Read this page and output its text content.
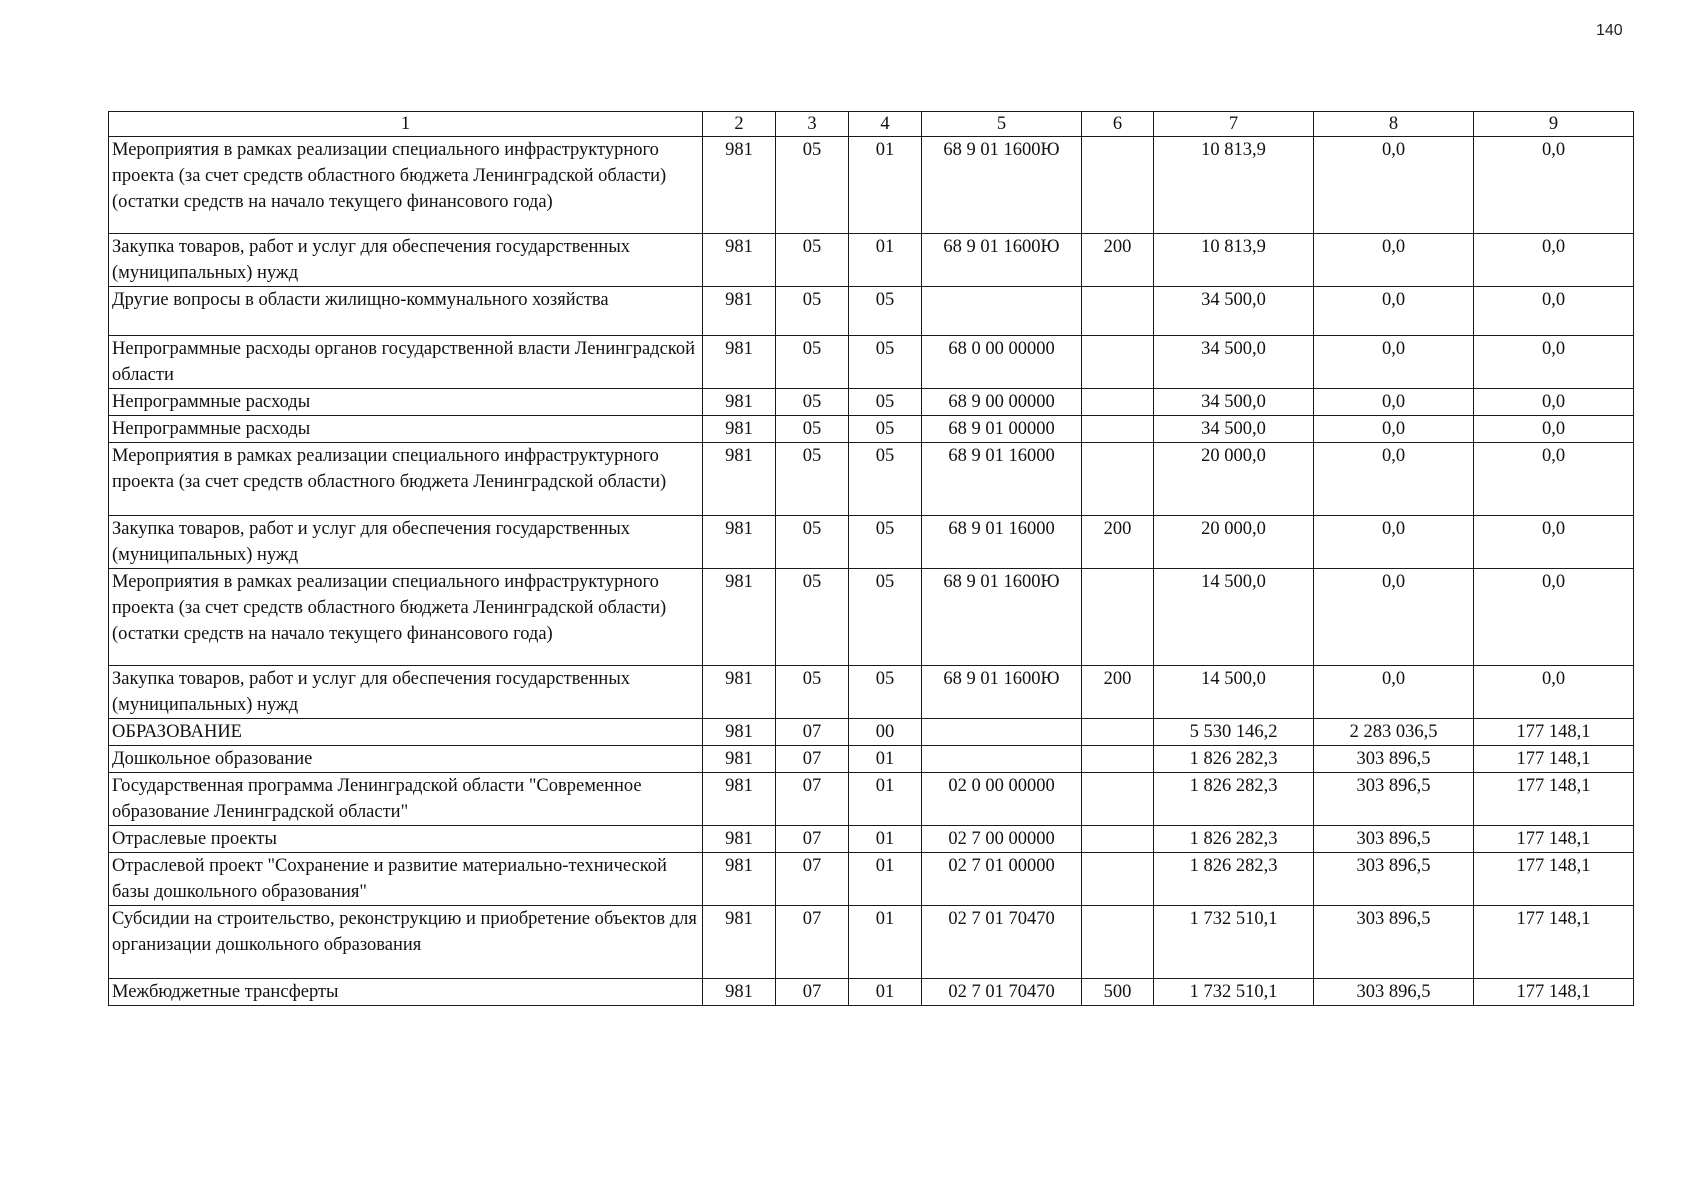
140
1	2	3	4	5	6	7	8	9
Мероприятия в рамках реализации специального инфраструктурного проекта (за счет средств областного бюджета Ленинградской области) (остатки средств на начало текущего финансового года)	981	05	01	68 9 01 1600Ю		10 813,9	0,0	0,0
Закупка товаров, работ и услуг для обеспечения государственных (муниципальных) нужд	981	05	01	68 9 01 1600Ю	200	10 813,9	0,0	0,0
Другие вопросы в области жилищно-коммунального хозяйства	981	05	05			34 500,0	0,0	0,0
Непрограммные расходы органов государственной власти Ленинградской области	981	05	05	68 0 00 00000		34 500,0	0,0	0,0
Непрограммные расходы	981	05	05	68 9 00 00000		34 500,0	0,0	0,0
Непрограммные расходы	981	05	05	68 9 01 00000		34 500,0	0,0	0,0
Мероприятия в рамках реализации специального инфраструктурного проекта (за счет средств областного бюджета Ленинградской области)	981	05	05	68 9 01 16000		20 000,0	0,0	0,0
Закупка товаров, работ и услуг для обеспечения государственных (муниципальных) нужд	981	05	05	68 9 01 16000	200	20 000,0	0,0	0,0
Мероприятия в рамках реализации специального инфраструктурного проекта (за счет средств областного бюджета Ленинградской области) (остатки средств на начало текущего финансового года)	981	05	05	68 9 01 1600Ю		14 500,0	0,0	0,0
Закупка товаров, работ и услуг для обеспечения государственных (муниципальных) нужд	981	05	05	68 9 01 1600Ю	200	14 500,0	0,0	0,0
ОБРАЗОВАНИЕ	981	07	00			5 530 146,2	2 283 036,5	177 148,1
Дошкольное образование	981	07	01			1 826 282,3	303 896,5	177 148,1
Государственная программа Ленинградской области "Современное образование Ленинградской области"	981	07	01	02 0 00 00000		1 826 282,3	303 896,5	177 148,1
Отраслевые проекты	981	07	01	02 7 00 00000		1 826 282,3	303 896,5	177 148,1
Отраслевой проект "Сохранение и развитие материально-технической базы дошкольного образования"	981	07	01	02 7 01 00000		1 826 282,3	303 896,5	177 148,1
Субсидии на строительство, реконструкцию и приобретение объектов для организации дошкольного образования	981	07	01	02 7 01 70470		1 732 510,1	303 896,5	177 148,1
Межбюджетные трансферты	981	07	01	02 7 01 70470	500	1 732 510,1	303 896,5	177 148,1
